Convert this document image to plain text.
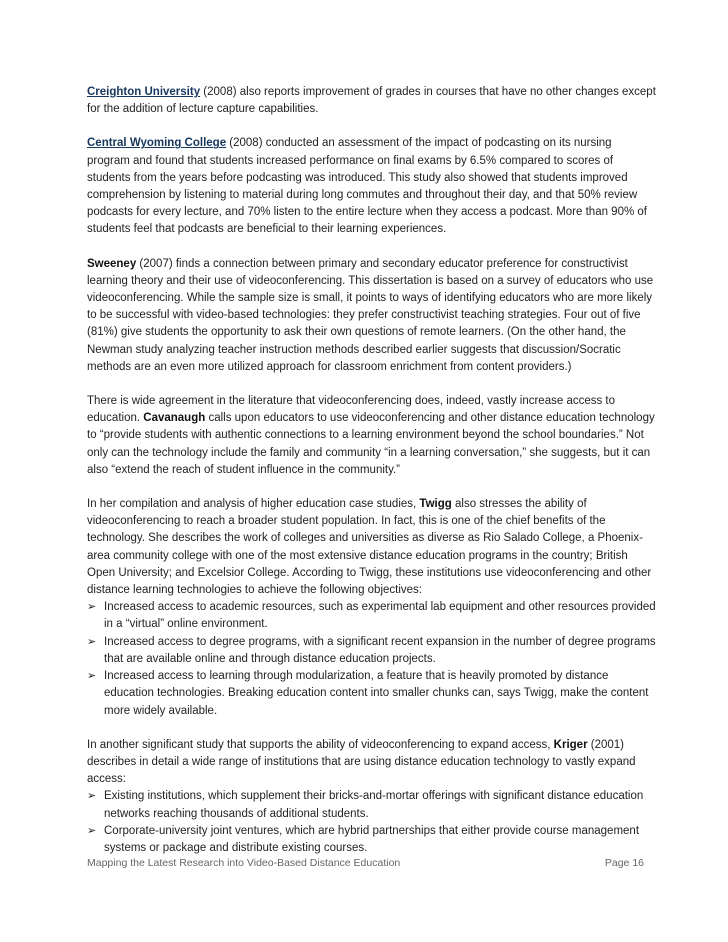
Creighton University (2008) also reports improvement of grades in courses that have no other changes except for the addition of lecture capture capabilities.

Central Wyoming College (2008) conducted an assessment of the impact of podcasting on its nursing program and found that students increased performance on final exams by 6.5% compared to scores of students from the years before podcasting was introduced. This study also showed that students improved comprehension by listening to material during long commutes and throughout their day, and that 50% review podcasts for every lecture, and 70% listen to the entire lecture when they access a podcast. More than 90% of students feel that podcasts are beneficial to their learning experiences.

Sweeney (2007) finds a connection between primary and secondary educator preference for constructivist learning theory and their use of videoconferencing. This dissertation is based on a survey of educators who use videoconferencing. While the sample size is small, it points to ways of identifying educators who are more likely to be successful with video-based technologies: they prefer constructivist teaching strategies. Four out of five (81%) give students the opportunity to ask their own questions of remote learners. (On the other hand, the Newman study analyzing teacher instruction methods described earlier suggests that discussion/Socratic methods are an even more utilized approach for classroom enrichment from content providers.)

There is wide agreement in the literature that videoconferencing does, indeed, vastly increase access to education. Cavanaugh calls upon educators to use videoconferencing and other distance education technology to “provide students with authentic connections to a learning environment beyond the school boundaries.” Not only can the technology include the family and community “in a learning conversation,” she suggests, but it can also “extend the reach of student influence in the community.”

In her compilation and analysis of higher education case studies, Twigg also stresses the ability of videoconferencing to reach a broader student population. In fact, this is one of the chief benefits of the technology. She describes the work of colleges and universities as diverse as Rio Salado College, a Phoenix-area community college with one of the most extensive distance education programs in the country; British Open University; and Excelsior College. According to Twigg, these institutions use videoconferencing and other distance learning technologies to achieve the following objectives:
➢ Increased access to academic resources, such as experimental lab equipment and other resources provided in a “virtual” online environment.
➢ Increased access to degree programs, with a significant recent expansion in the number of degree programs that are available online and through distance education projects.
➢ Increased access to learning through modularization, a feature that is heavily promoted by distance education technologies. Breaking education content into smaller chunks can, says Twigg, make the content more widely available.
In another significant study that supports the ability of videoconferencing to expand access, Kriger (2001) describes in detail a wide range of institutions that are using distance education technology to vastly expand access:
➢ Existing institutions, which supplement their bricks-and-mortar offerings with significant distance education networks reaching thousands of additional students.
➢ Corporate-university joint ventures, which are hybrid partnerships that either provide course management systems or package and distribute existing courses.
Mapping the Latest Research into Video-Based Distance Education	Page 16
